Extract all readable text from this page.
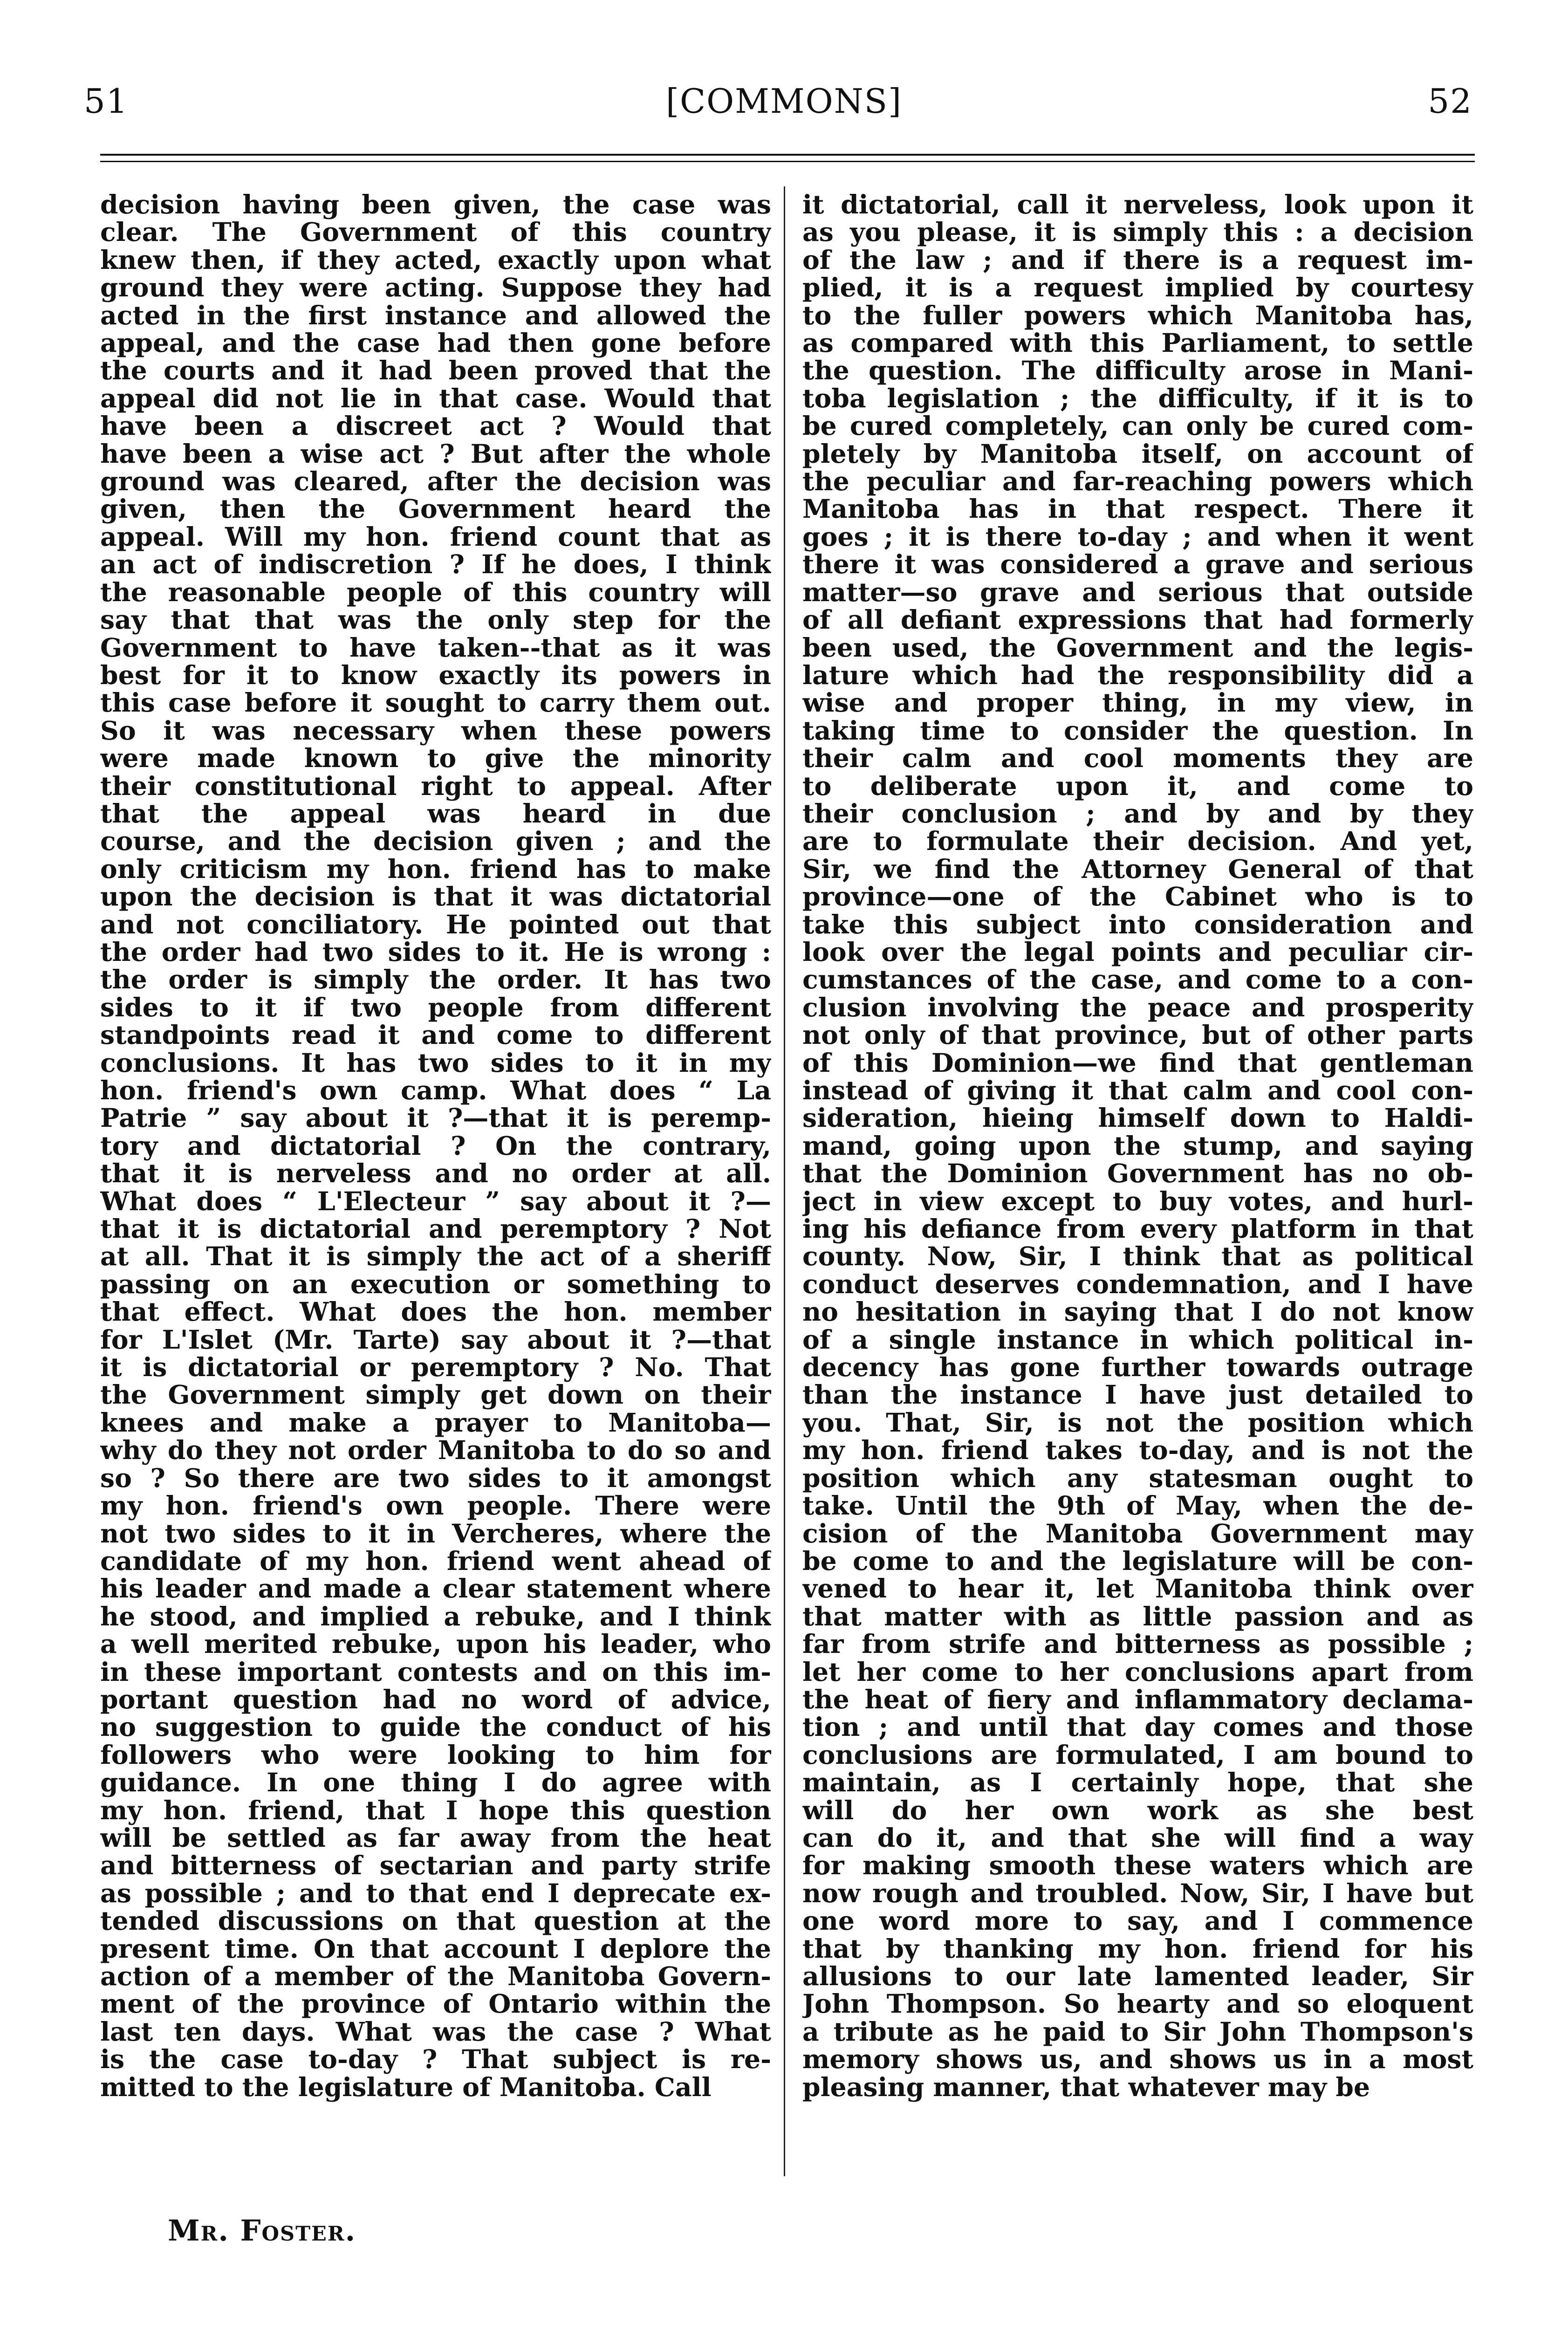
[COMMONS]
51	52
decision having been given, the case was
clear. The Government of this country
knew then, if they acted, exactly upon what
ground they were acting. Suppose they had
acted in the first instance and allowed the
appeal, and the case had then gone before
the courts and it had been proved that the
appeal did not lie in that case. Would that
have been a discreet act ? Would that
have been a wise act ? But after the whole
ground was cleared, after the decision was
given, then the Government heard the
appeal. Will my hon. friend count that as
an act of indiscretion ? If he does, I think
the reasonable people of this country will
say that that was the only step for the
Government to have taken--that as it was
best for it to know exactly its powers in
this case before it sought to carry them out.
So it was necessary when these powers
were made known to give the minority
their constitutional right to appeal. After
that the appeal was heard in due
course, and the decision given ; and the
only criticism my hon. friend has to make
upon the decision is that it was dictatorial
and not conciliatory. He pointed out that
the order had two sides to it. He is wrong :
the order is simply the order. It has two
sides to it if two people from different
standpoints read it and come to different
conclusions. It has two sides to it in my
hon. friend's own camp. What does “ La
Patrie ” say about it ?—that it is peremp-
tory and dictatorial ? On the contrary,
that it is nerveless and no order at all.
What does “ L'Electeur ” say about it ?—
that it is dictatorial and peremptory ? Not
at all. That it is simply the act of a sheriff
passing on an execution or something to
that effect. What does the hon. member
for L'Islet (Mr. Tarte) say about it ?—that
it is dictatorial or peremptory ? No. That
the Government simply get down on their
knees and make a prayer to Manitoba—
why do they not order Manitoba to do so and
so ? So there are two sides to it amongst
my hon. friend's own people. There were
not two sides to it in Vercheres, where the
candidate of my hon. friend went ahead of
his leader and made a clear statement where
he stood, and implied a rebuke, and I think
a well merited rebuke, upon his leader, who
in these important contests and on this im-
portant question had no word of advice,
no suggestion to guide the conduct of his
followers who were looking to him for
guidance. In one thing I do agree with
my hon. friend, that I hope this question
will be settled as far away from the heat
and bitterness of sectarian and party strife
as possible ; and to that end I deprecate ex-
tended discussions on that question at the
present time. On that account I deplore the
action of a member of the Manitoba Govern-
ment of the province of Ontario within the
last ten days. What was the case ? What
is the case to-day ? That subject is re-
mitted to the legislature of Manitoba. Call
it dictatorial, call it nerveless, look upon it
as you please, it is simply this : a decision
of the law ; and if there is a request im-
plied, it is a request implied by courtesy
to the fuller powers which Manitoba has,
as compared with this Parliament, to settle
the question. The difficulty arose in Mani-
toba legislation ; the difficulty, if it is to
be cured completely, can only be cured com-
pletely by Manitoba itself, on account of
the peculiar and far-reaching powers which
Manitoba has in that respect. There it
goes ; it is there to-day ; and when it went
there it was considered a grave and serious
matter—so grave and serious that outside
of all defiant expressions that had formerly
been used, the Government and the legis-
lature which had the responsibility did a
wise and proper thing, in my view, in
taking time to consider the question. In
their calm and cool moments they are
to deliberate upon it, and come to
their conclusion ; and by and by they
are to formulate their decision. And yet,
Sir, we find the Attorney General of that
province—one of the Cabinet who is to
take this subject into consideration and
look over the legal points and peculiar cir-
cumstances of the case, and come to a con-
clusion involving the peace and prosperity
not only of that province, but of other parts
of this Dominion—we find that gentleman
instead of giving it that calm and cool con-
sideration, hieing himself down to Haldi-
mand, going upon the stump, and saying
that the Dominion Government has no ob-
ject in view except to buy votes, and hurl-
ing his defiance from every platform in that
county. Now, Sir, I think that as political
conduct deserves condemnation, and I have
no hesitation in saying that I do not know
of a single instance in which political in-
decency has gone further towards outrage
than the instance I have just detailed to
you. That, Sir, is not the position which
my hon. friend takes to-day, and is not the
position which any statesman ought to
take. Until the 9th of May, when the de-
cision of the Manitoba Government may
be come to and the legislature will be con-
vened to hear it, let Manitoba think over
that matter with as little passion and as
far from strife and bitterness as possible ;
let her come to her conclusions apart from
the heat of fiery and inflammatory declama-
tion ; and until that day comes and those
conclusions are formulated, I am bound to
maintain, as I certainly hope, that she
will do her own work as she best
can do it, and that she will find a way
for making smooth these waters which are
now rough and troubled. Now, Sir, I have but
one word more to say, and I commence
that by thanking my hon. friend for his
allusions to our late lamented leader, Sir
John Thompson. So hearty and so eloquent
a tribute as he paid to Sir John Thompson's
memory shows us, and shows us in a most
pleasing manner, that whatever may be
Mr. Foster.
